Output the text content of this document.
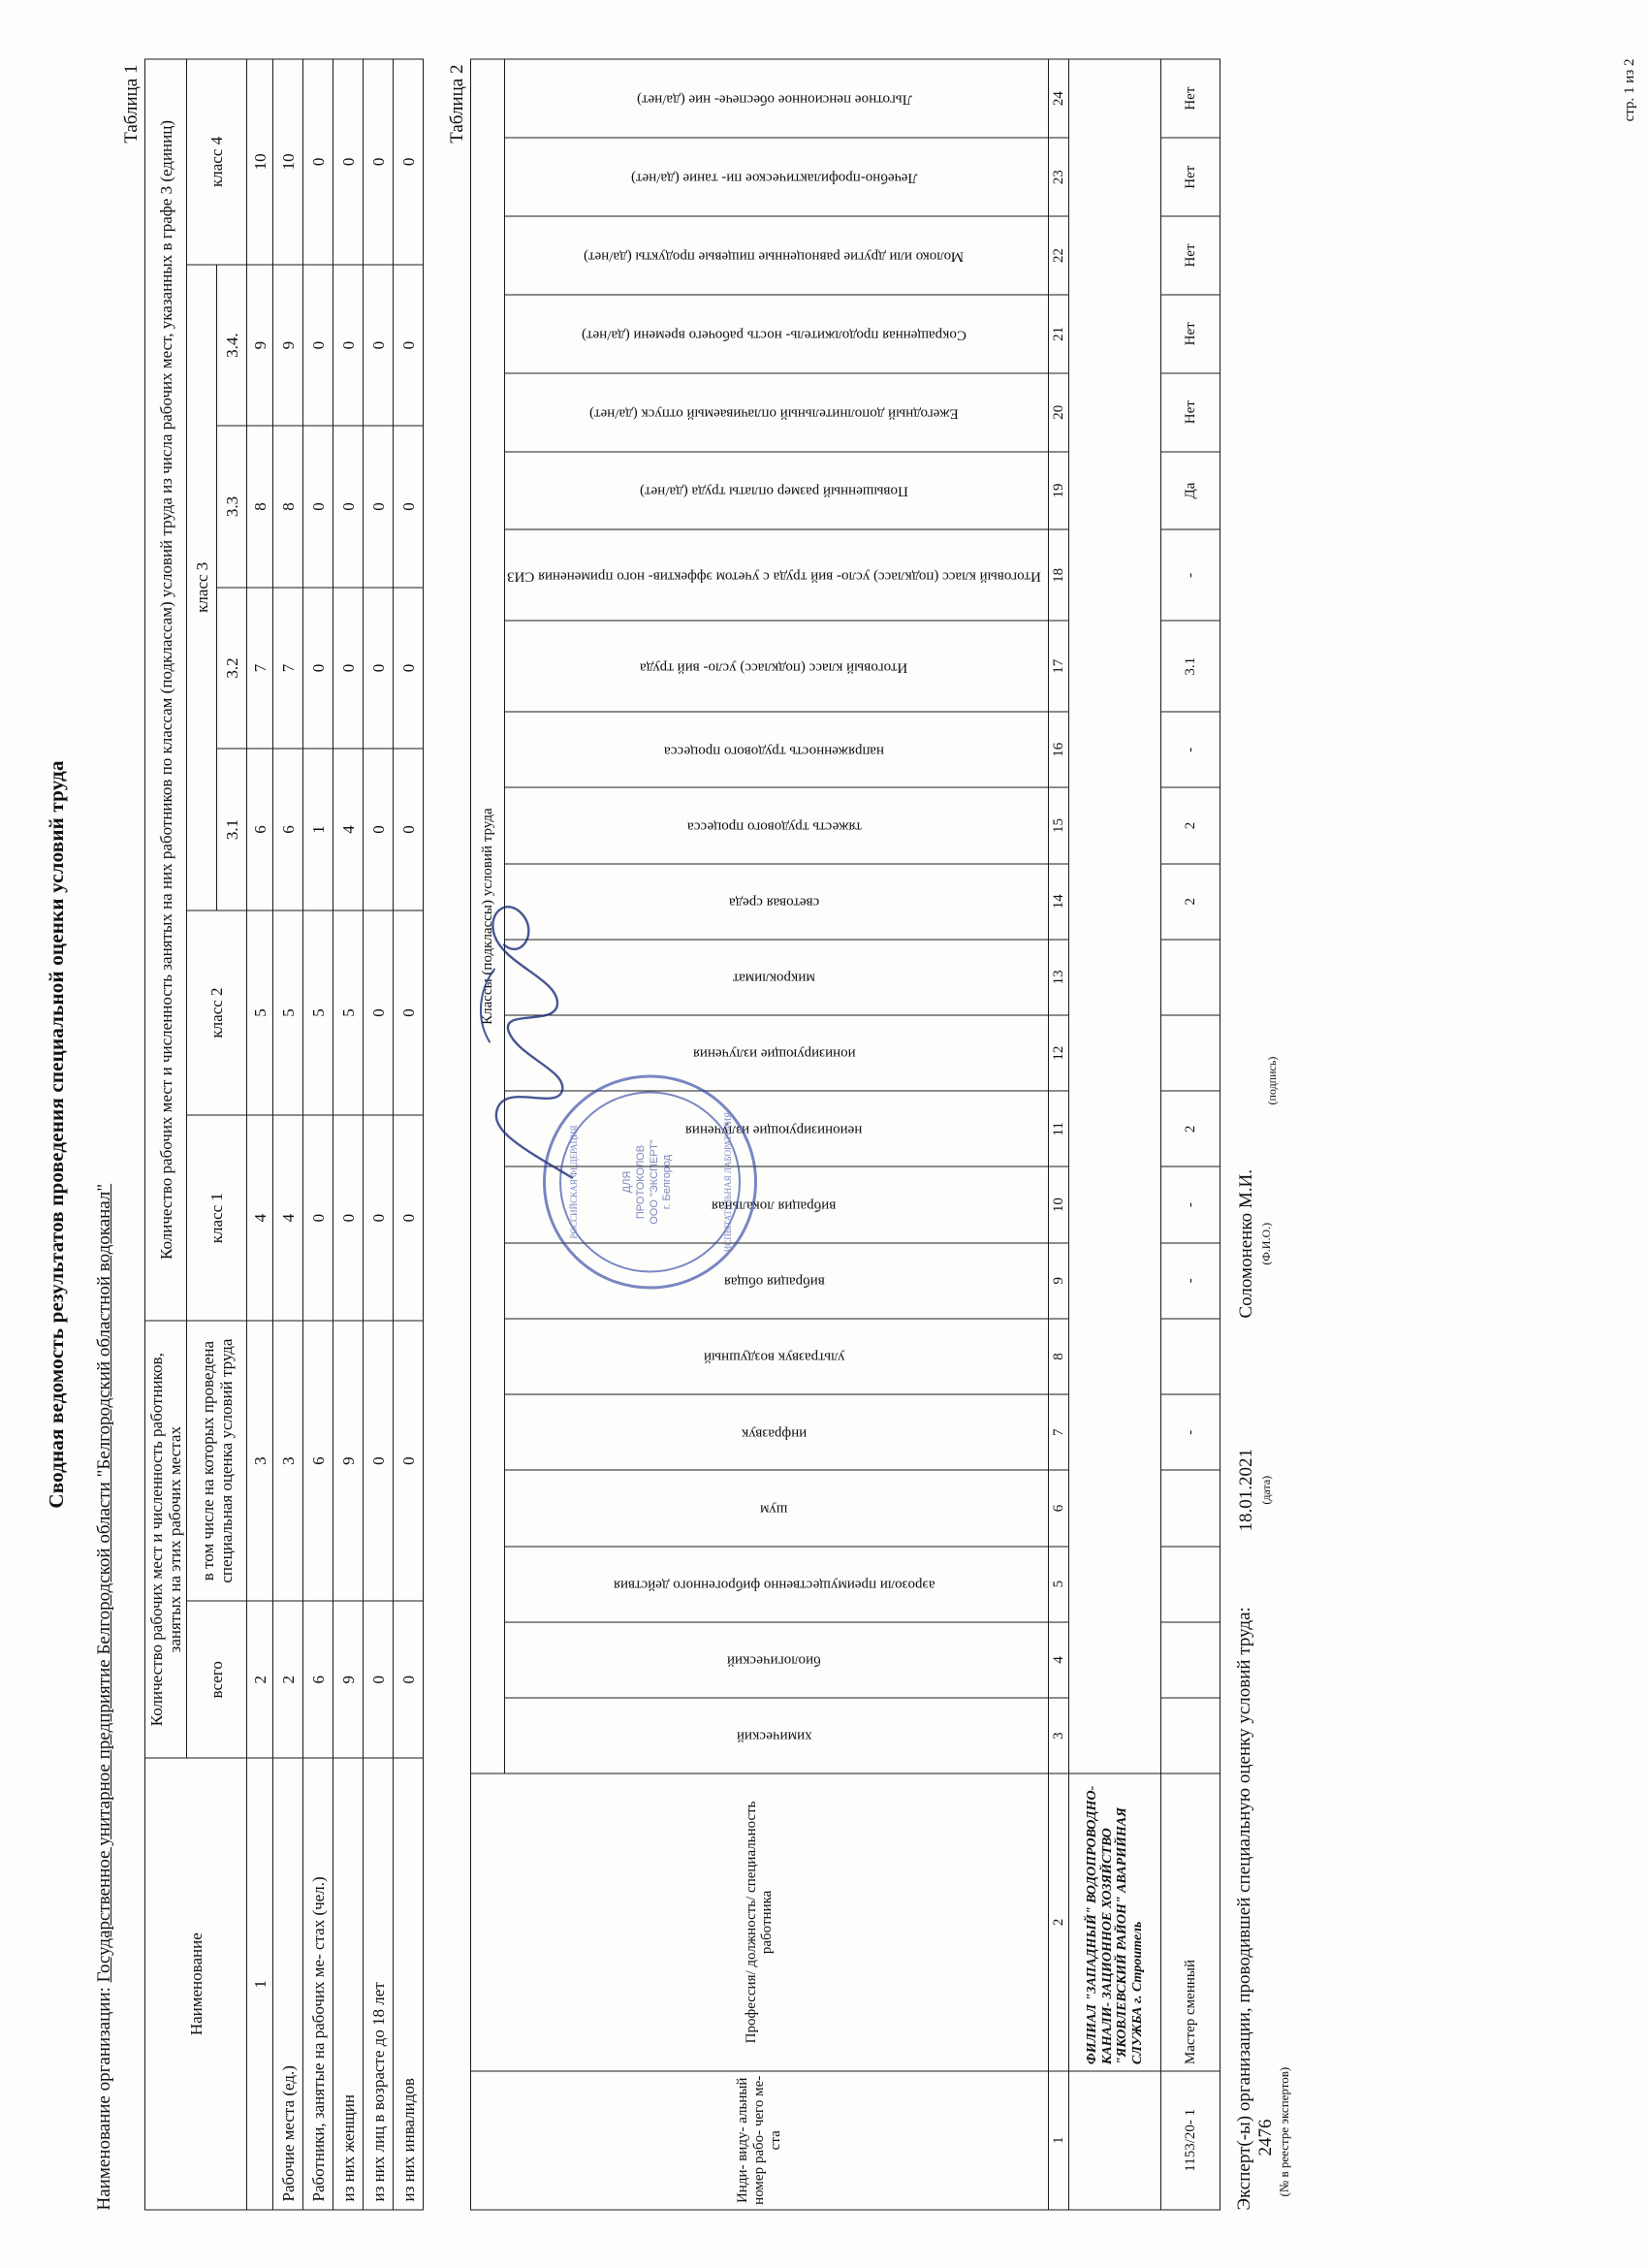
Сводная ведомость результатов проведения специальной оценки условий труда
Наименование организации: Государственное унитарное предприятие Белгородской области "Белгородский областной водоканал"
Таблица 1
Наименование	Количество рабочих мест и численность работников, занятых на этих рабочих местах		Количество рабочих мест и численность занятых на них работников по классам (подклассам) условий труда из числа рабочих мест, указанных в графе 3 (единиц)						
	всего	в том числе на которых проведена специальная оценка условий труда	класс 1	класс 2	класс 3				класс 4
					3.1	3.2	3.3	3.4.	
1	2	3	4	5	6	7	8	9	10
Рабочие места (ед.)	2	3	4	5	6	7	8	9	10
Работники, занятые на рабочих ме- стах (чел.)	6	6	0	5	1	0	0	0	0
из них женщин	9	9	0	5	4	0	0	0	0
из них лиц в возрасте до 18 лет	0	0	0	0	0	0	0	0	0
из них инвалидов	0	0	0	0	0	0	0	0	0
Таблица 2
Инди- виду- альный номер рабо- чего ме- ста	Профессия/ должность/ специальность работника	Классы (подклассы) условий труда																					
		химический	биологический	аэрозоли преимущественно фиброгенного действия	шум	инфразвук	ультразвук воздушный	вибрация общая	вибрация локальная	неионизирующие излучения	ионизирующие излучения	микроклимат	световая среда	тяжесть трудового процесса	напряженность трудового процесса	Итоговый класс (подкласс) усло- вий труда	Итоговый класс (подкласс) усло- вий труда с учетом эффектив- ного применения СИЗ	Повышенный размер оплаты труда (да/нет)	Ежегодный дополнительный оплачиваемый отпуск (да/нет)	Сокращенная продолжитель- ность рабочего времени (да/нет)	Молоко или другие равноценные пищевые продукты (да/нет)	Лечебно-профилактическое пи- тание (да/нет)	Льготное пенсионное обеспече- ние (да/нет)
1	2	3	4	5	6	7	8	9	10	11	12	13	14	15	16	17	18	19	20	21	22	23	24
	ФИЛИАЛ "ЗАПАДНЫЙ" ВОДОПРОВОДНО-КАНАЛИ- ЗАЦИОННОЕ ХОЗЯЙСТВО "ЯКОВЛЕВСКИЙ РАЙОН" АВАРИЙНАЯ СЛУЖБА г. Строитель																						
1153/20- 1	Мастер сменный					-		-	-	2			2	2	-	3.1	-	Да	Нет	Нет	Нет	Нет	Нет
Эксперт(-ы) организации, проводившей специальную оценку условий труда: 2476 (№ в реестре экспертов)
18.01.2021 (дата)
Соломоненко М.И. (Ф.И.О.)
(подпись)
РОССИЙСКАЯ ФЕДЕРАЦИЯ	ДЛЯ ПРОТОКОЛОВ ООО "ЭКСПЕРТ" г. Белгород	ИСПЫТАТЕЛЬНАЯ ЛАБОРАТОРИЯ
стр. 1 из 2
